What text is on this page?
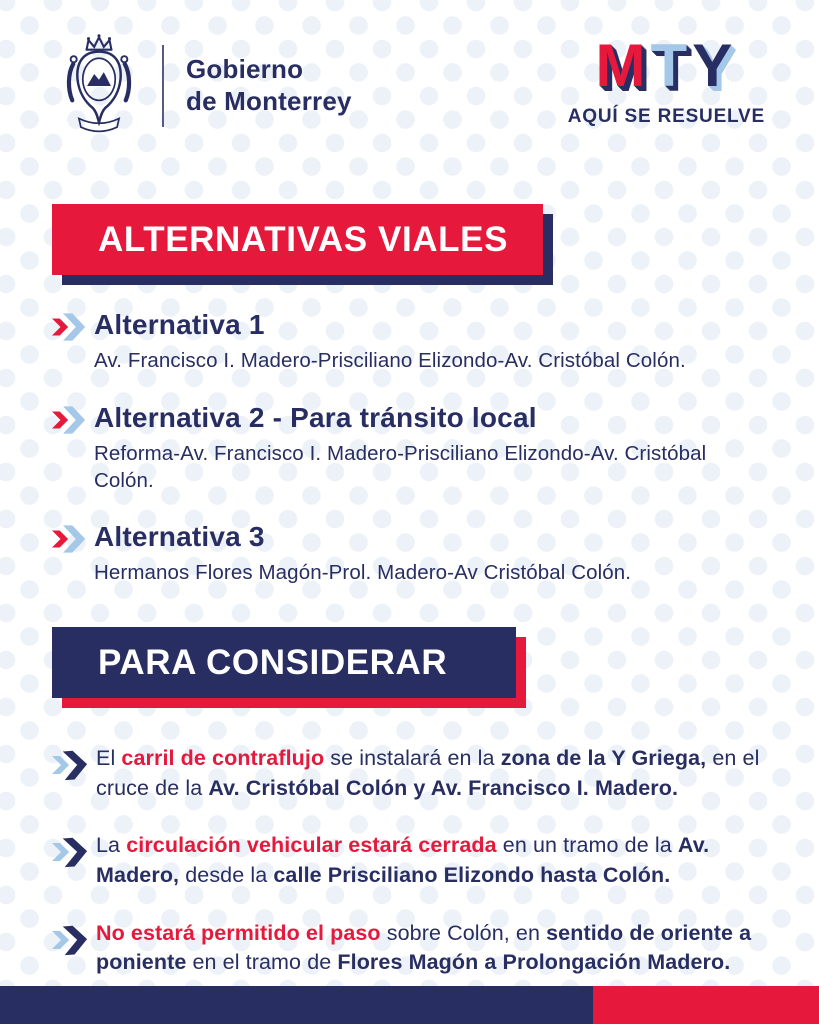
Gobierno
de Monterrey
M T Y
AQUÍ SE RESUELVE
ALTERNATIVAS VIALES
Alternativa 1
Av. Francisco I. Madero-Prisciliano Elizondo-Av. Cristóbal Colón.
Alternativa 2 - Para tránsito local
Reforma-Av. Francisco I. Madero-Prisciliano Elizondo-Av. Cristóbal Colón.
Alternativa 3
Hermanos Flores Magón-Prol. Madero-Av Cristóbal Colón.
PARA CONSIDERAR

El carril de contraflujo se instalará en la zona de la Y Griega, en el cruce de la Av. Cristóbal Colón y Av. Francisco I. Madero.

La circulación vehicular estará cerrada en un tramo de la Av. Madero, desde la calle Prisciliano Elizondo hasta Colón.

No estará permitido el paso sobre Colón, en sentido de oriente a poniente en el tramo de Flores Magón a Prolongación Madero.
